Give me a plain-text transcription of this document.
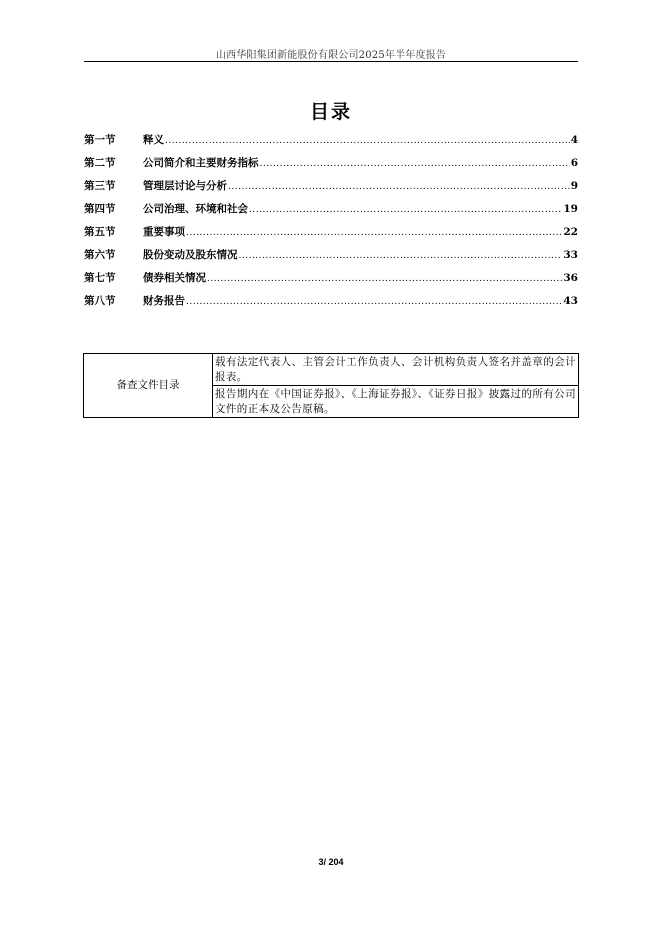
山西华阳集团新能股份有限公司2025年半年度报告
目录
第一节	释义 .....	4
第二节	公司简介和主要财务指标 .....	6
第三节	管理层讨论与分析 .....	9
第四节	公司治理、环境和社会 .....	19
第五节	重要事项 .....	22
第六节	股份变动及股东情况 .....	33
第七节	债券相关情况 .....	36
第八节	财务报告 .....	43
备查文件目录	载有法定代表人、主管会计工作负责人、会计机构负责人签名并盖章的会计报表。
报告期内在《中国证券报》、《上海证券报》、《证券日报》披露过的所有公司文件的正本及公告原稿。
3/ 204
